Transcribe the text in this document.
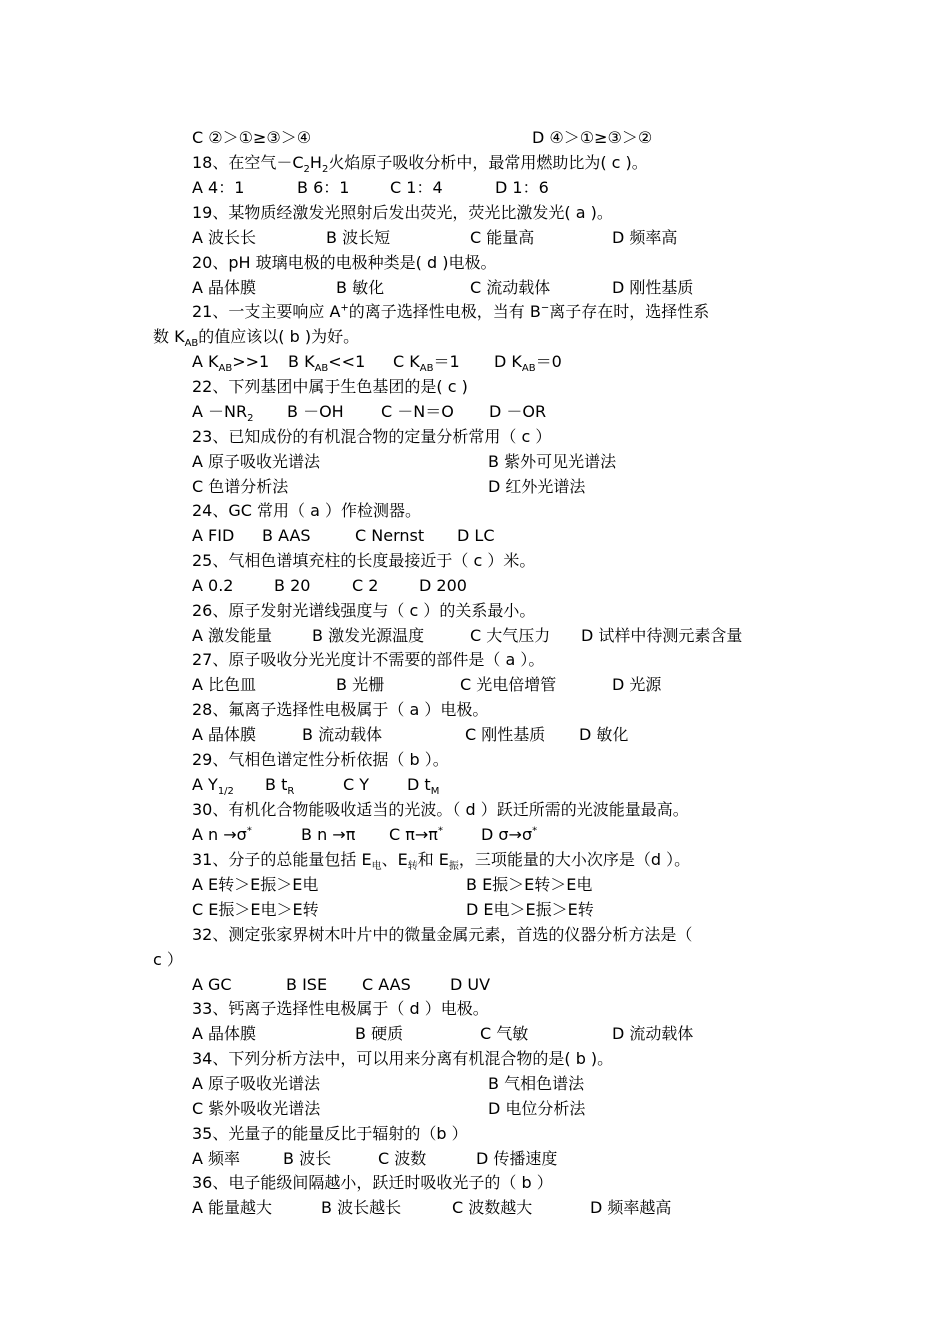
C ②＞①≥③＞④	D ④＞①≥③＞②
18、在空气$-C_2H_2$火焰原子吸收分析中，最常用燃助比为( c )。
A 4：1	B 6：1	C 1：4	D 1：6
19、某物质经激发光照射后发出荧光，荧光比激发光( a )。
A 波长长	B 波长短	C 能量高	D 频率高
20、pH 玻璃电极的电极种类是( d )电极。
A 晶体膜	B 敏化	C 流动载体	D 刚性基质
21、一支主要响应 A+的离子选择性电极，当有 B−离子存在时，选择性系
数 $K_{AB}$的值应该以( b )为好。
A $K_{AB}>>1$ B $K_{AB}<<1$ C $K_{AB}=1$ D $K_{AB}=0$
22、下列基团中属于生色基团的是( c )
$A -NR_2$ B －OH C －N＝O D －OR
23、已知成份的有机混合物的定量分析常用（ c ）
A 原子吸收光谱法	B 紫外可见光谱法
C 色谱分析法	D 红外光谱法
24、GC 常用（ a ）作检测器。
A FID B AAS	C Nernst D LC
25、气相色谱填充柱的长度最接近于（ c ）米。
A 0.2	B 20	C 2	D 200
26、原子发射光谱线强度与（ c ）的关系最小。
A 激发能量 B 激发光源温度	C 大气压力 D 试样中待测元素含量
27、原子吸收分光光度计不需要的部件是（ a ）。
A 比色皿	B 光栅	C 光电倍增管	D 光源
28、氟离子选择性电极属于（ a ）电极。
A 晶体膜	B 流动载体	C 刚性基质 D 敏化
29、气相色谱定性分析依据（ b ）。
A $Y_{1/2}$ B $t_R$	C Y D $t_M$
30、有机化合物能吸收适当的光波。（ d ）跃迁所需的光波能量最高。
A n →σ*	B n →π C π→π* D σ→σ*
31、分子的总能量包括 $E_电$、$E_转$和 $E_振$，三项能量的大小次序是（d ）。
A E转＞E振＞E电	B E振＞E转＞E电
C E振＞E电＞E转	D E电＞E振＞E转
32、测定张家界树木叶片中的微量金属元素，首选的仪器分析方法是（
c ）
A GC	B ISE C AAS D UV
33、钙离子选择性电极属于（ d ）电极。
A 晶体膜	B 硬质	C 气敏	D 流动载体
34、下列分析方法中，可以用来分离有机混合物的是( b )。
A 原子吸收光谱法	B 气相色谱法
C 紫外吸收光谱法	D 电位分析法
35、光量子的能量反比于辐射的（b ）
A 频率	B 波长	C 波数	D 传播速度
36、电子能级间隔越小，跃迁时吸收光子的（ b ）
A 能量越大	B 波长越长	C 波数越大	D 频率越高
